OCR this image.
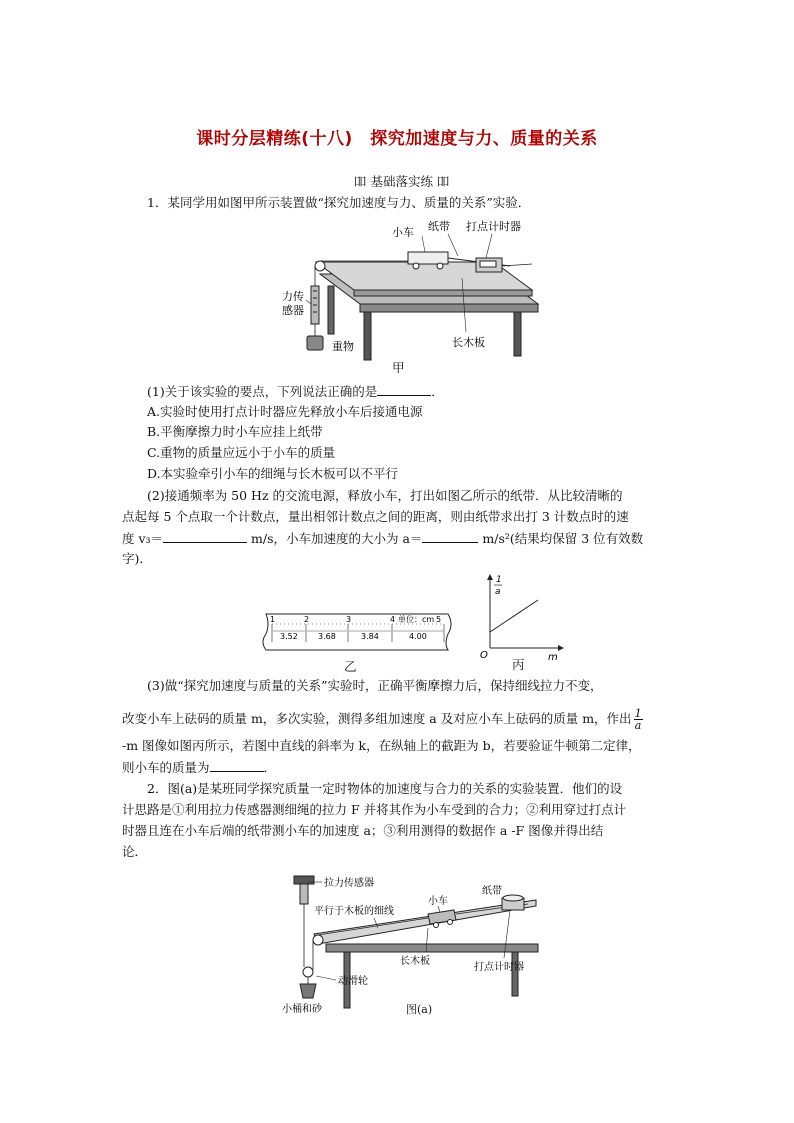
课时分层精练(十八)　探究加速度与力、质量的关系
吅 基础落实练 吅
1．某同学用如图甲所示装置做“探究加速度与力、质量的关系”实验．
小车 纸带 打点计时器
力传
感器
重物	长木板
甲
(1)关于该实验的要点，下列说法正确的是	．
A.实验时使用打点计时器应先释放小车后接通电源
B.平衡摩擦力时小车应挂上纸带
C.重物的质量应远小于小车的质量
D.本实验牵引小车的细绳与长木板可以不平行
(2)接通频率为 50 Hz 的交流电源，释放小车，打出如图乙所示的纸带．从比较清晰的
点起每 5 个点取一个计数点，量出相邻计数点之间的距离，则由纸带求出打 3 计数点时的速
度 v₃＝	m/s，小车加速度的大小为 a＝	m/s²(结果均保留 3 位有效数
字)．
1	2	3	4	5
3.52	3.68	3.84	4.00
单位：cm
乙
1
a
O	m
丙
(3)做“探究加速度与质量的关系”实验时，正确平衡摩擦力后，保持细线拉力不变，
改变小车上砝码的质量 m，多次实验，测得多组加速度 a 及对应小车上砝码的质量 m，作出 $\frac{1}{a}$
-m 图像如图丙所示，若图中直线的斜率为 k，在纵轴上的截距为 b，若要验证牛顿第二定律，
则小车的质量为	．
2．图(a)是某班同学探究质量一定时物体的加速度与合力的关系的实验装置．他们的设
计思路是①利用拉力传感器测细绳的拉力 F 并将其作为小车受到的合力；②利用穿过打点计
时器且连在小车后端的纸带测小车的加速度 a；③利用测得的数据作 a -F 图像并得出结
论．
拉力传感器
平行于木板的细线
小车
纸带
长木板
打点计时器
动滑轮
小桶和砂	图(a)
